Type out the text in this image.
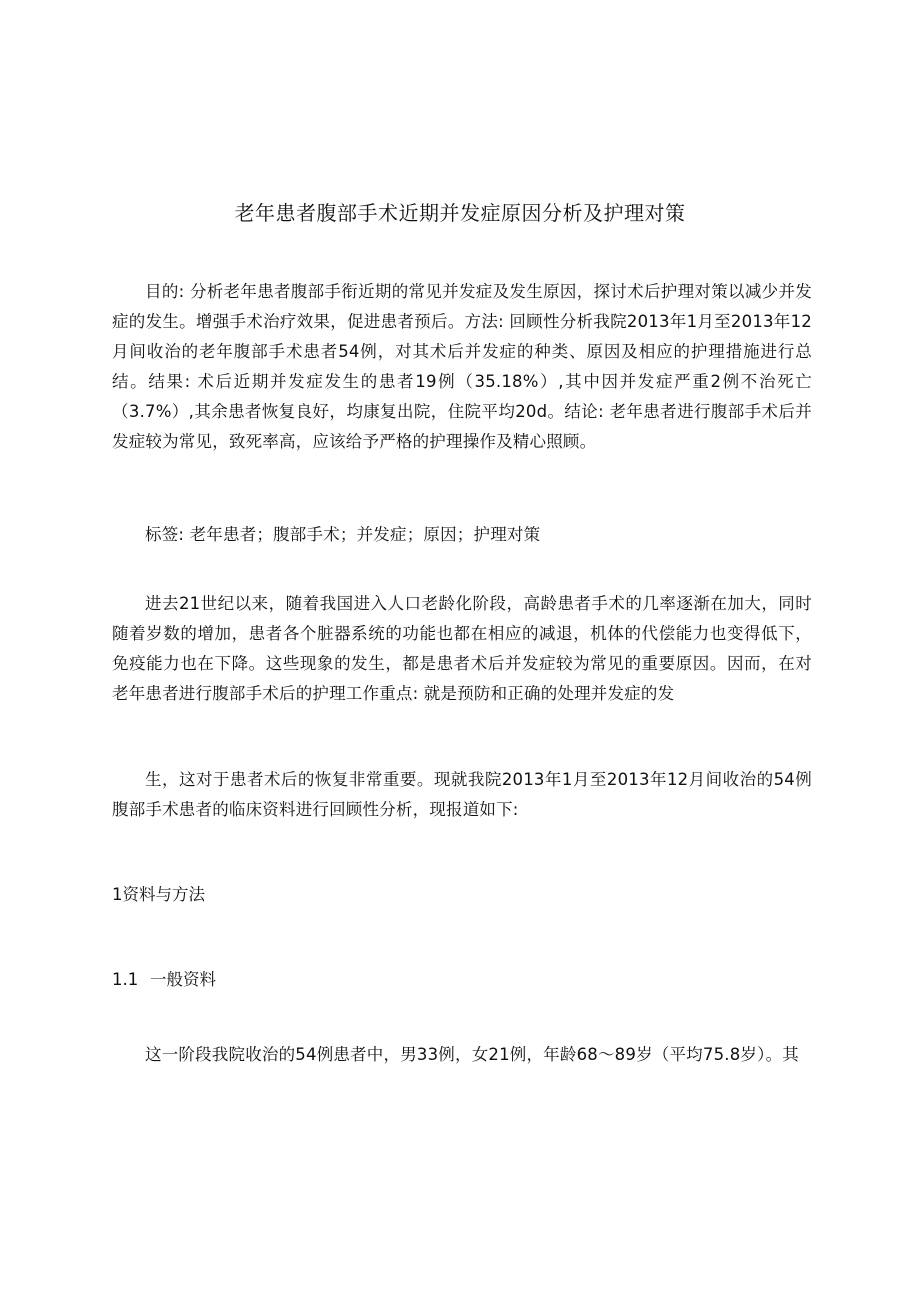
老年患者腹部手术近期并发症原因分析及护理对策
目的: 分析老年患者腹部手衔近期的常见并发症及发生原因，探讨术后护理对策以减少并发症的发生。增强手术治疗效果，促进患者预后。方法: 回顾性分析我院2013年1月至2013年12月间收治的老年腹部手术患者54例，对其术后并发症的种类、原因及相应的护理措施进行总结。结果: 术后近期并发症发生的患者19例（35.18%）,其中因并发症严重2例不治死亡（3.7%）,其余患者恢复良好，均康复出院，住院平均20d。结论: 老年患者进行腹部手术后并发症较为常见，致死率高，应该给予严格的护理操作及精心照顾。
标签: 老年患者；腹部手术；并发症；原因；护理对策
进去21世纪以来，随着我国进入人口老龄化阶段，高龄患者手术的几率逐渐在加大，同时随着岁数的增加，患者各个脏器系统的功能也都在相应的减退，机体的代偿能力也变得低下，免疫能力也在下降。这些现象的发生，都是患者术后并发症较为常见的重要原因。因而，在对老年患者进行腹部手术后的护理工作重点: 就是预防和正确的处理并发症的发
生，这对于患者术后的恢复非常重要。现就我院2013年1月至2013年12月间收治的54例腹部手术患者的临床资料进行回顾性分析，现报道如下:
1资料与方法
1.1 一般资料
这一阶段我院收治的54例患者中，男33例，女21例，年龄68～89岁（平均75.8岁）。其
